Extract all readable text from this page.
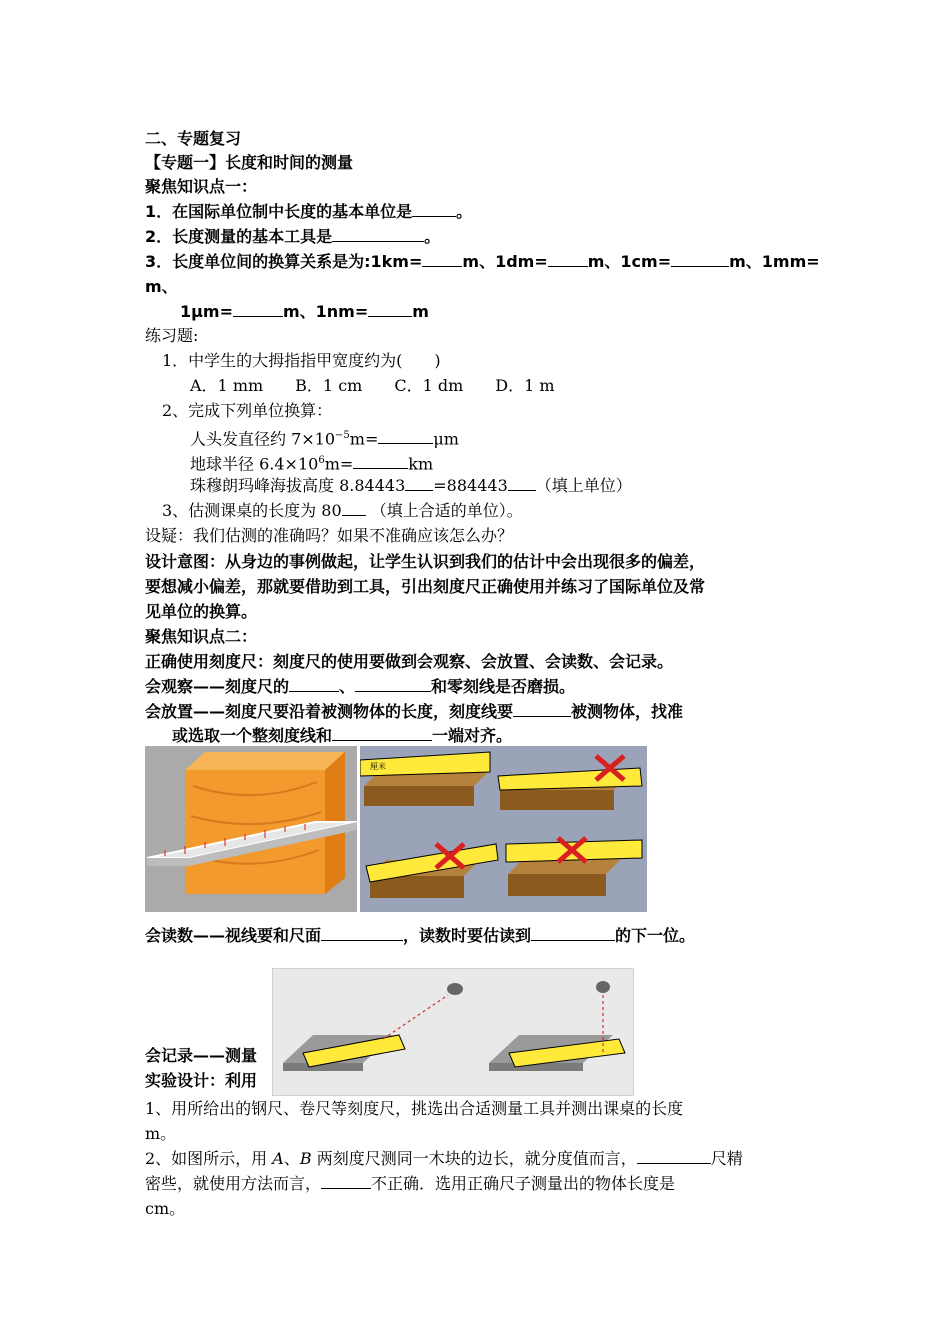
二、专题复习
【专题一】长度和时间的测量
聚焦知识点一：
1．在国际单位制中长度的基本单位是	。
2．长度测量的基本工具是	。
3．长度单位间的换算关系是为:1km=	m、1dm=	m、1cm=	m、1mm=
m、
1μm=	m、1nm=	m
练习题:
1．中学生的大拇指指甲宽度约为(　　)
A．1 mm　　B．1 cm　　C．1 dm　　D．1 m
2、完成下列单位换算：
人头发直径约 $7\times 10^{-5}m=$	μm
地球半径 $6.4\times 10^6m=$	km
珠穆朗玛峰海拔高度 8.84443 =884443 （填上单位）
3、估测课桌的长度为 80 （填上合适的单位）。
设疑：我们估测的准确吗？如果不准确应该怎么办？
设计意图：从身边的事例做起，让学生认识到我们的估计中会出现很多的偏差，
要想减小偏差，那就要借助到工具，引出刻度尺正确使用并练习了国际单位及常
见单位的换算。
聚焦知识点二：
正确使用刻度尺：刻度尺的使用要做到会观察、会放置、会读数、会记录。
会观察——刻度尺的	、	和零刻线是否磨损。
会放置——刻度尺要沿着被测物体的长度，刻度线要	被测物体，找准
或选取一个整刻度线和	一端对齐。
厘米
会读数——视线要和尺面	，读数时要估读到	的下一位。
会记录——测量
实验设计：利用
1、用所给出的钢尺、卷尺等刻度尺，挑选出合适测量工具并测出课桌的长度
m。
2、如图所示，用 A、B 两刻度尺测同一木块的边长，就分度值而言，	尺精
密些，就使用方法而言，	不正确．选用正确尺子测量出的物体长度是
cm。
